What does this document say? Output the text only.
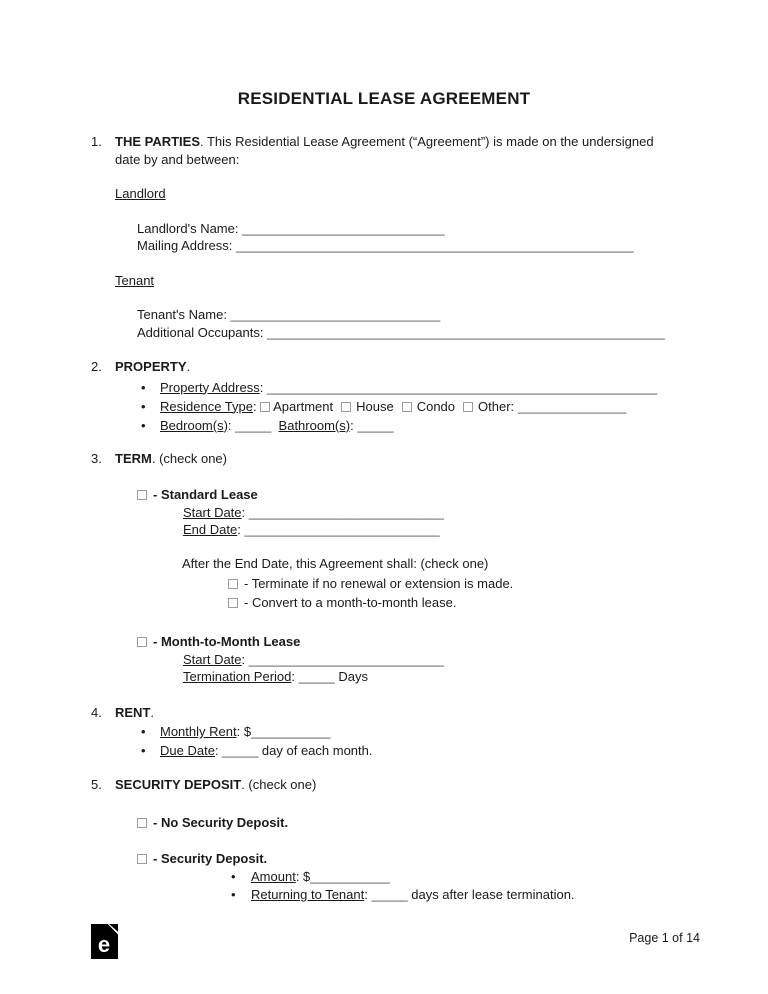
RESIDENTIAL LEASE AGREEMENT
1.	THE PARTIES. This Residential Lease Agreement (“Agreement”) is made on the undersigned date by and between:
Landlord
Landlord's Name: ____________________________
Mailing Address: _______________________________________________________
Tenant
Tenant's Name: _____________________________
Additional Occupants: _______________________________________________________
2.	PROPERTY.
•	Property Address: ______________________________________________________
•	Residence Type:  Apartment House Condo Other: _______________
•	Bedroom(s): _____ Bathroom(s): _____
3.	TERM. (check one)
- Standard Lease
Start Date: ___________________________
End Date: ___________________________
After the End Date, this Agreement shall: (check one)
- Terminate if no renewal or extension is made.
- Convert to a month-to-month lease.
- Month-to-Month Lease
Start Date: ___________________________
Termination Period: _____ Days
4.	RENT.
•	Monthly Rent: $___________
•	Due Date: _____ day of each month.
5.	SECURITY DEPOSIT. (check one)
- No Security Deposit.
- Security Deposit.
•	Amount: $___________
•	Returning to Tenant: _____ days after lease termination.
e	Page 1 of 14
